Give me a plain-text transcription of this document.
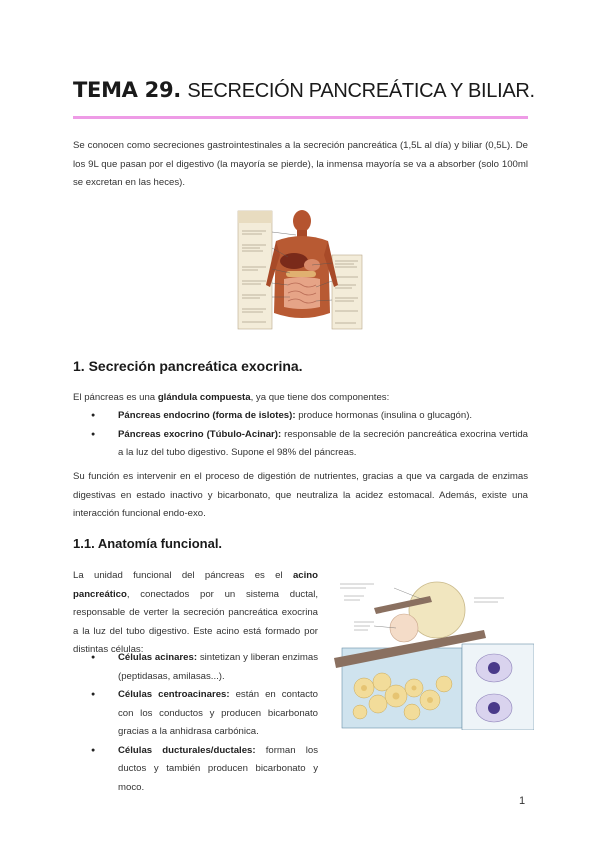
TEMA 29. SECRECIÓN PANCREÁTICA Y BILIAR.

Se conocen como secreciones gastrointestinales a la secreción pancreática (1,5L al día) y biliar (0,5L). De los 9L que pasan por el digestivo (la mayoría se pierde), la inmensa mayoría se va a absorber (solo 100ml se excretan en las heces).

1. Secreción pancreática exocrina.

El páncreas es una glándula compuesta, ya que tiene dos componentes:

● Páncreas endocrino (forma de islotes): produce hormonas (insulina o glucagón).
● Páncreas exocrino (Túbulo-Acinar): responsable de la secreción pancreática exocrina vertida a la luz del tubo digestivo. Supone el 98% del páncreas.

Su función es intervenir en el proceso de digestión de nutrientes, gracias a que va cargada de enzimas digestivas en estado inactivo y bicarbonato, que neutraliza la acidez estomacal. Además, existe una interacción funcional endo-exo.

1.1. Anatomía funcional.

La unidad funcional del páncreas es el acino pancreático, conectados por un sistema ductal, responsable de verter la secreción pancreática exocrina a la luz del tubo digestivo. Este acino está formado por distintas células:

● Células acinares: sintetizan y liberan enzimas (peptidasas, amilasas...).
● Células centroacinares: están en contacto con los conductos y producen bicarbonato gracias a la anhidrasa carbónica.
● Células ducturales/ductales: forman los ductos y también producen bicarbonato y moco.
1
